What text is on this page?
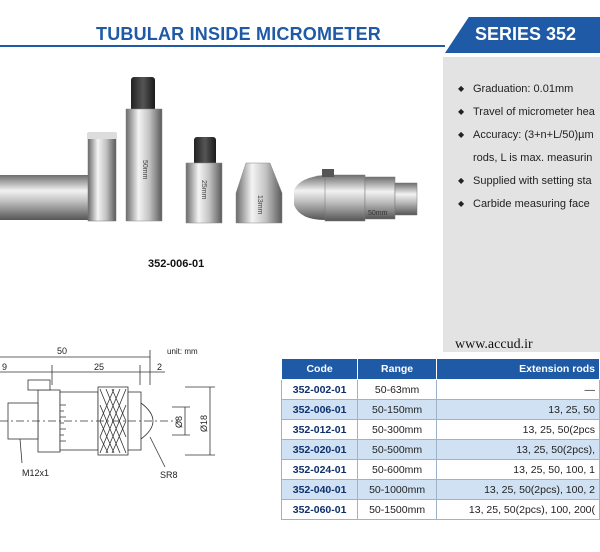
TUBULAR INSIDE MICROMETER	SERIES 352
◆ Graduation: 0.01mm
◆ Travel of micrometer hea
◆ Accuracy: (3+n+L/50)µm
rods, L is max. measurin
◆ Supplied with setting sta
◆ Carbide measuring face
50mm
25mm
13mm	50mm
352-006-01
www.accud.ir
unit: mm
50
9	25	2
Ø8 Ø18
M12x1	SR8
Code	Range	Extension rods
352-002-01	50-63mm	—
352-006-01	50-150mm	13, 25, 50
352-012-01	50-300mm	13, 25, 50(2pcs
352-020-01	50-500mm	13, 25, 50(2pcs),
352-024-01	50-600mm	13, 25, 50, 100, 1
352-040-01	50-1000mm	13, 25, 50(2pcs), 100, 2
352-060-01	50-1500mm	13, 25, 50(2pcs), 100, 200(
